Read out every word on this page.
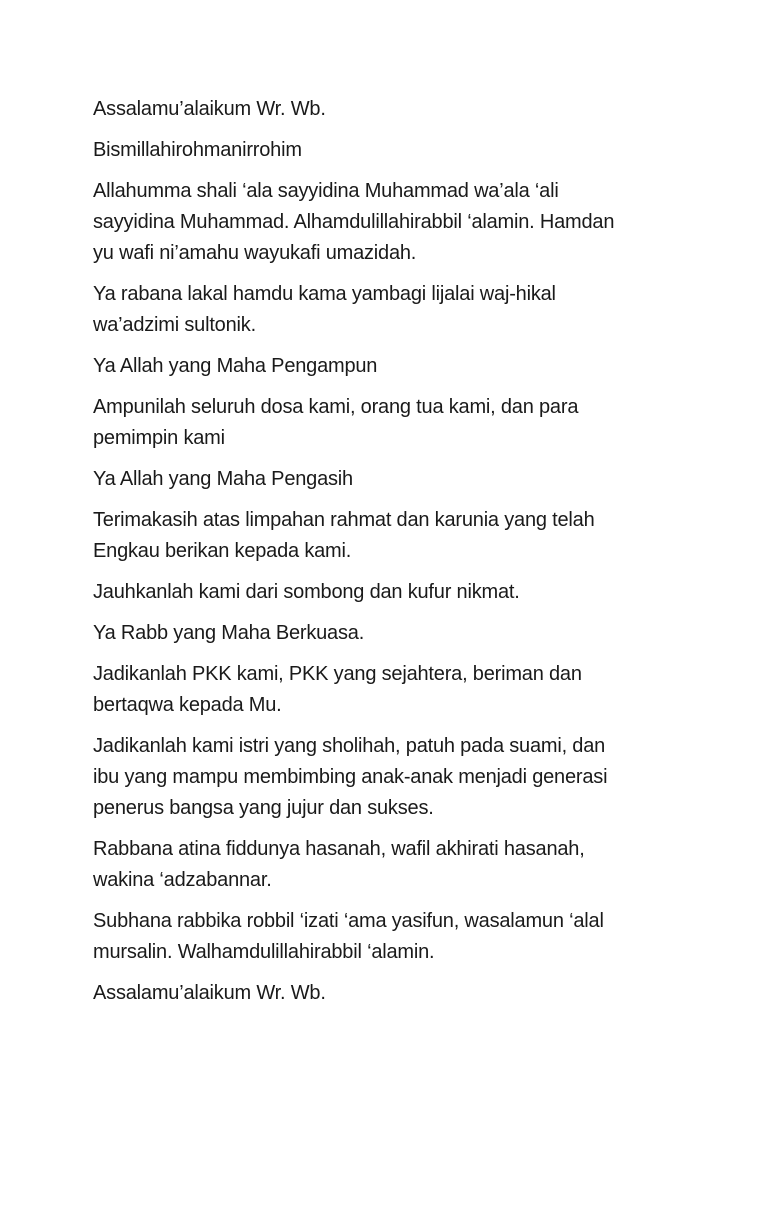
Assalamu’alaikum Wr. Wb.
Bismillahirohmanirrohim
Allahumma shali ‘ala sayyidina Muhammad wa’ala ‘ali
sayyidina Muhammad. Alhamdulillahirabbil ‘alamin. Hamdan
yu wafi ni’amahu wayukafi umazidah.
Ya rabana lakal hamdu kama yambagi lijalai waj-hikal
wa’adzimi sultonik.
Ya Allah yang Maha Pengampun
Ampunilah seluruh dosa kami, orang tua kami, dan para
pemimpin kami
Ya Allah yang Maha Pengasih
Terimakasih atas limpahan rahmat dan karunia yang telah
Engkau berikan kepada kami.
Jauhkanlah kami dari sombong dan kufur nikmat.
Ya Rabb yang Maha Berkuasa.
Jadikanlah PKK kami, PKK yang sejahtera, beriman dan
bertaqwa kepada Mu.
Jadikanlah kami istri yang sholihah, patuh pada suami, dan
ibu yang mampu membimbing anak-anak menjadi generasi
penerus bangsa yang jujur dan sukses.
Rabbana atina fiddunya hasanah, wafil akhirati hasanah,
wakina ‘adzabannar.
Subhana rabbika robbil ‘izati ‘ama yasifun, wasalamun ‘alal
mursalin. Walhamdulillahirabbil ‘alamin.
Assalamu’alaikum Wr. Wb.
